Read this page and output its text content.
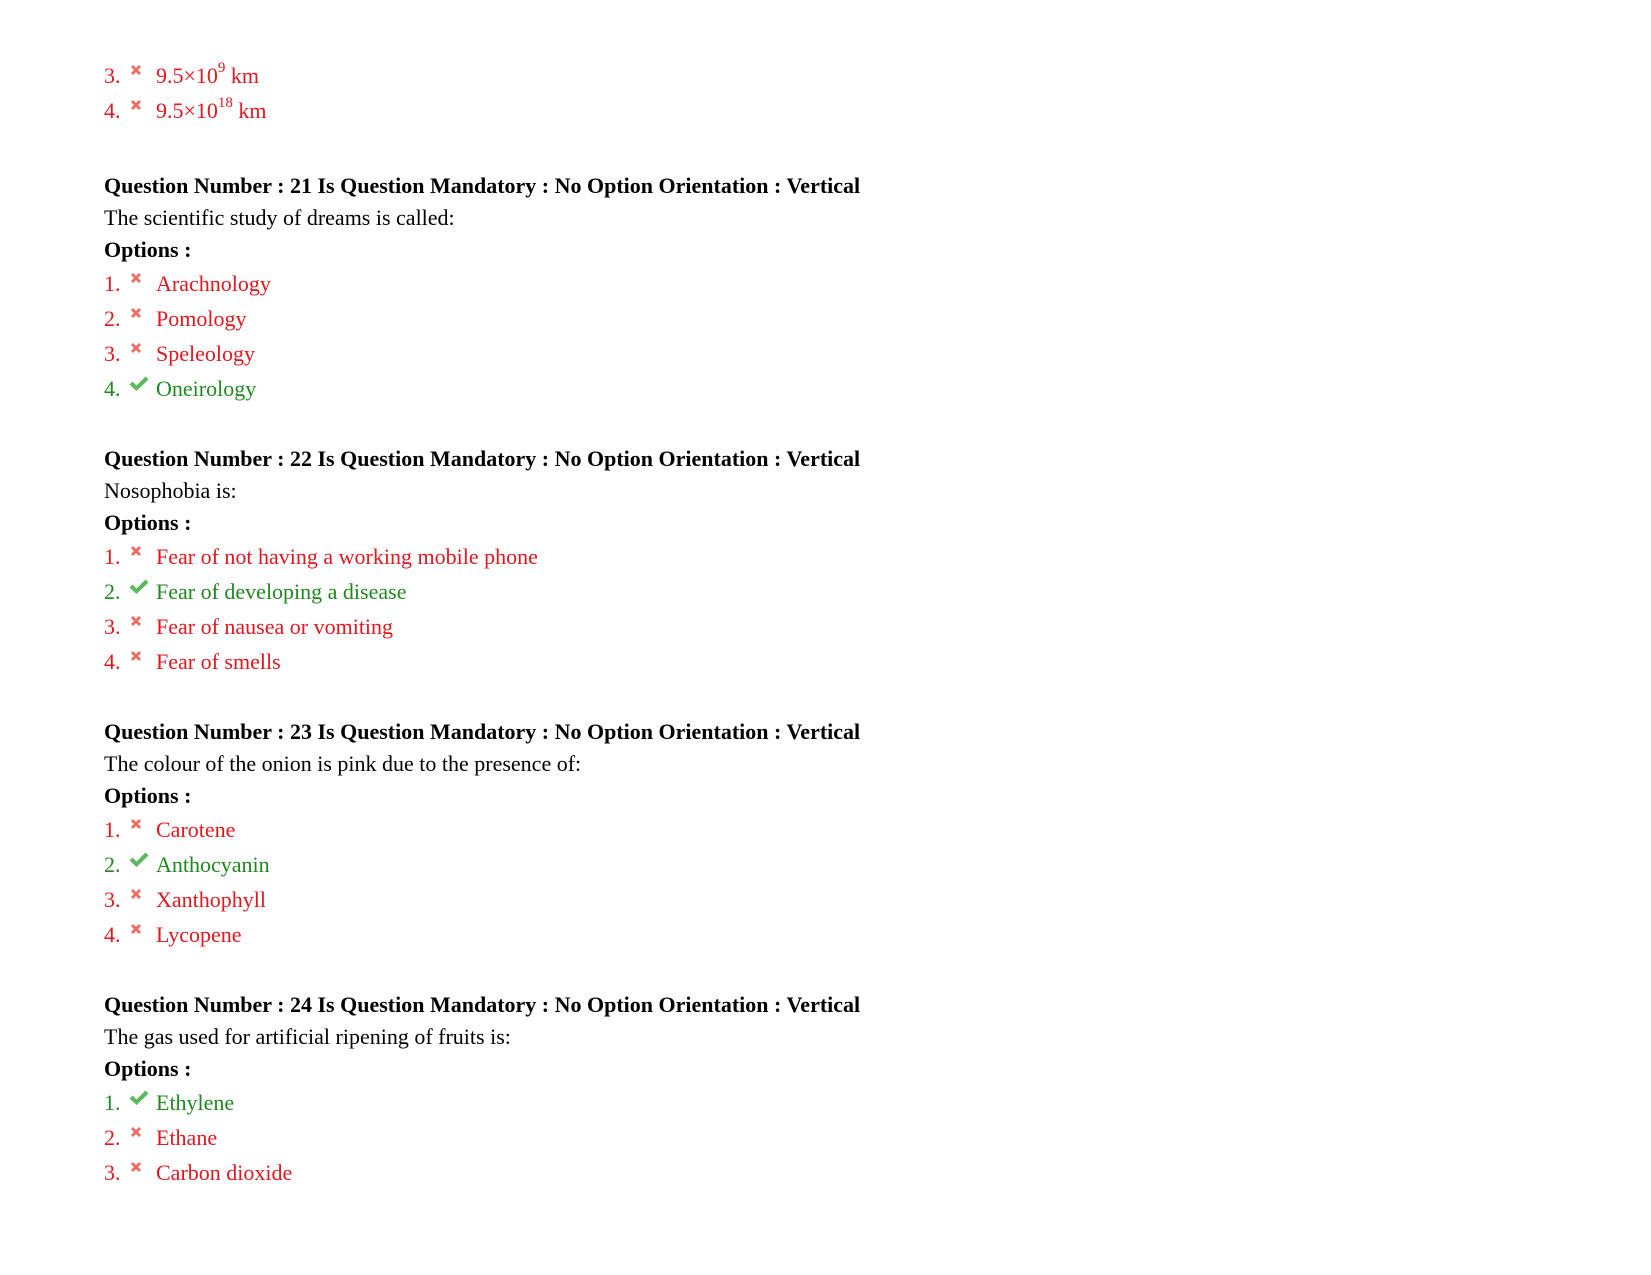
3.	$9.5\times 10^9$ km
4.	$9.5\times 10^{18}$ km
Question Number : 21 Is Question Mandatory : No Option Orientation : Vertical
The scientific study of dreams is called:
Options :
1.	Arachnology
2.	Pomology
3.	Speleology
4.	Oneirology
Question Number : 22 Is Question Mandatory : No Option Orientation : Vertical
Nosophobia is:
Options :
1.	Fear of not having a working mobile phone
2.	Fear of developing a disease
3.	Fear of nausea or vomiting
4.	Fear of smells
Question Number : 23 Is Question Mandatory : No Option Orientation : Vertical
The colour of the onion is pink due to the presence of:
Options :
1.	Carotene
2.	Anthocyanin
3.	Xanthophyll
4.	Lycopene
Question Number : 24 Is Question Mandatory : No Option Orientation : Vertical
The gas used for artificial ripening of fruits is:
Options :
1.	Ethylene
2.	Ethane
3.	Carbon dioxide
